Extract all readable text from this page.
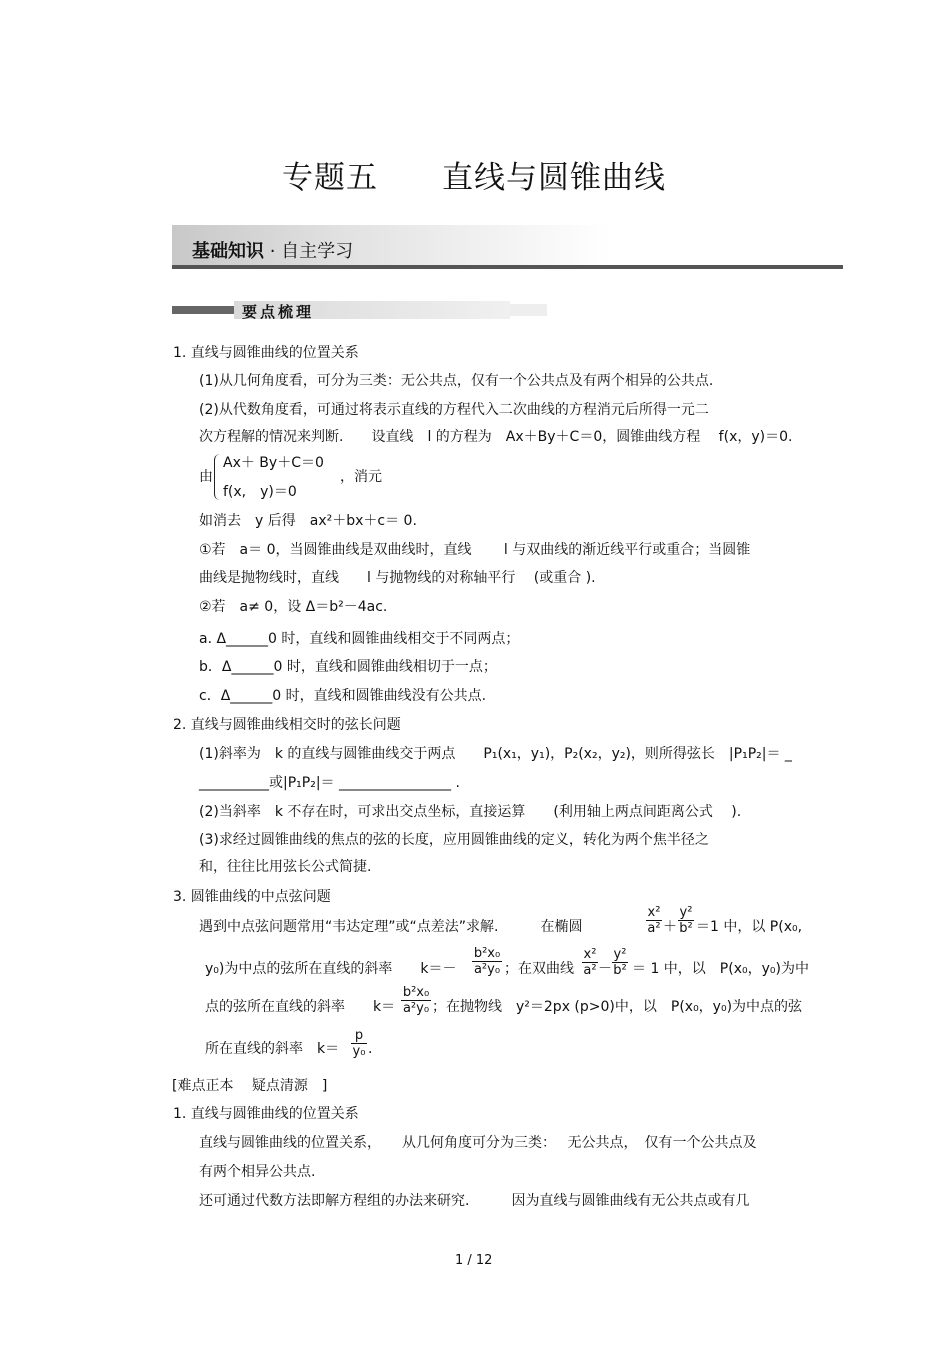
专题五　　直线与圆锥曲线
基础知识 · 自主学习
要点梳理
1. 直线与圆锥曲线的位置关系
(1)从几何角度看，可分为三类：无公共点，仅有一个公共点及有两个相异的公共点.
(2)从代数角度看，可通过将表示直线的方程代入二次曲线的方程消元后所得一元二
次方程解的情况来判断.　　设直线　l 的方程为　Ax＋By＋C＝0，圆锥曲线方程　 f(x，y)＝0.
由
Ax＋ By＋C＝0
f(x,　y)＝0
，消元
如消去　y 后得　ax²＋bx＋c＝ 0.
①若　a＝ 0，当圆锥曲线是双曲线时，直线　　 l 与双曲线的渐近线平行或重合；当圆锥
曲线是抛物线时，直线　　l 与抛物线的对称轴平行　 (或重合 ).
②若　a≠ 0，设 Δ＝b²－4ac.
a. Δ______0 时，直线和圆锥曲线相交于不同两点；
b．Δ______0 时，直线和圆锥曲线相切于一点；
c．Δ______0 时，直线和圆锥曲线没有公共点.
2. 直线与圆锥曲线相交时的弦长问题
(1)斜率为　k 的直线与圆锥曲线交于两点　　P₁(x₁，y₁)，P₂(x₂，y₂)，则所得弦长　|P₁P₂|＝ _
__________或|P₁P₂|＝ ________________ .
(2)当斜率　k 不存在时，可求出交点坐标，直接运算　　(利用轴上两点间距离公式　 ).
(3)求经过圆锥曲线的焦点的弦的长度，应用圆锥曲线的定义，转化为两个焦半径之
和，往往比用弦长公式简捷.
3. 圆锥曲线的中点弦问题
遇到中点弦问题常用“韦达定理”或“点差法”求解.　　　在椭圆	$\frac{\text{x²}}{\text{a²}} + \frac{\text{y²}}{\text{b²}} =1$ 中，以 P(x₀,
y₀)为中点的弦所在直线的斜率　　$k=- \frac{\text{b²x₀}}{\text{a²y₀}}$ ；在双曲线 $\frac{\text{x²}}{\text{a²}} - \frac{\text{y²}}{\text{b²}} = 1$ 中，以　P(x₀，y₀)为中
点的弦所在直线的斜率　　$k= \frac{\text{b²x₀}}{\text{a²y₀}}$ ；在抛物线　y²＝2px (p>0)中，以　P(x₀，y₀)为中点的弦
所在直线的斜率　$k= \frac{p}{\text{y₀}}$ .
[难点正本　 疑点清源　]
1. 直线与圆锥曲线的位置关系
直线与圆锥曲线的位置关系，　　从几何角度可分为三类：　 无公共点，　仅有一个公共点及
有两个相异公共点.
还可通过代数方法即解方程组的办法来研究.　　　因为直线与圆锥曲线有无公共点或有几
1 / 12
